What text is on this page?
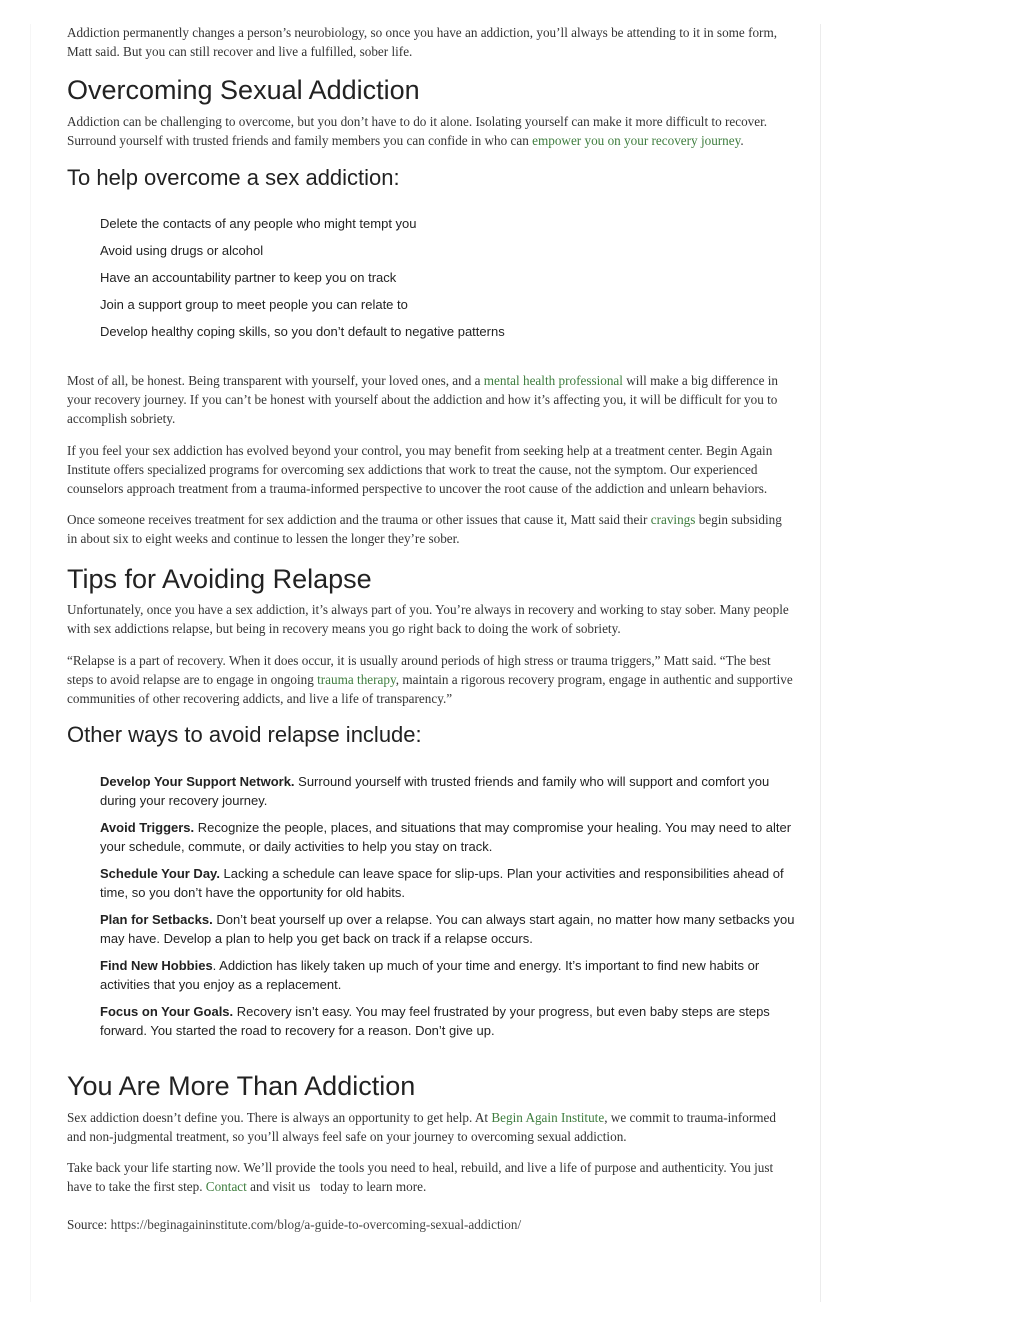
Addiction permanently changes a person’s neurobiology, so once you have an addiction, you’ll always be attending to it in some form, Matt said. But you can still recover and live a fulfilled, sober life.

Overcoming Sexual Addiction

Addiction can be challenging to overcome, but you don’t have to do it alone. Isolating yourself can make it more difficult to recover. Surround yourself with trusted friends and family members you can confide in who can empower you on your recovery journey.

To help overcome a sex addiction:
Delete the contacts of any people who might tempt you
Avoid using drugs or alcohol
Have an accountability partner to keep you on track
Join a support group to meet people you can relate to
Develop healthy coping skills, so you don’t default to negative patterns

Most of all, be honest. Being transparent with yourself, your loved ones, and a mental health professional will make a big difference in your recovery journey. If you can’t be honest with yourself about the addiction and how it’s affecting you, it will be difficult for you to accomplish sobriety.

If you feel your sex addiction has evolved beyond your control, you may benefit from seeking help at a treatment center. Begin Again Institute offers specialized programs for overcoming sex addictions that work to treat the cause, not the symptom. Our experienced counselors approach treatment from a trauma-informed perspective to uncover the root cause of the addiction and unlearn behaviors.

Once someone receives treatment for sex addiction and the trauma or other issues that cause it, Matt said their cravings begin subsiding in about six to eight weeks and continue to lessen the longer they’re sober.

Tips for Avoiding Relapse

Unfortunately, once you have a sex addiction, it’s always part of you. You’re always in recovery and working to stay sober. Many people with sex addictions relapse, but being in recovery means you go right back to doing the work of sobriety.

“Relapse is a part of recovery. When it does occur, it is usually around periods of high stress or trauma triggers,” Matt said. “The best steps to avoid relapse are to engage in ongoing trauma therapy, maintain a rigorous recovery program, engage in authentic and supportive communities of other recovering addicts, and live a life of transparency.”

Other ways to avoid relapse include:
Develop Your Support Network. Surround yourself with trusted friends and family who will support and comfort you during your recovery journey.
Avoid Triggers. Recognize the people, places, and situations that may compromise your healing. You may need to alter your schedule, commute, or daily activities to help you stay on track.
Schedule Your Day. Lacking a schedule can leave space for slip-ups. Plan your activities and responsibilities ahead of time, so you don’t have the opportunity for old habits.
Plan for Setbacks. Don’t beat yourself up over a relapse. You can always start again, no matter how many setbacks you may have. Develop a plan to help you get back on track if a relapse occurs.
Find New Hobbies. Addiction has likely taken up much of your time and energy. It’s important to find new habits or activities that you enjoy as a replacement.
Focus on Your Goals. Recovery isn’t easy. You may feel frustrated by your progress, but even baby steps are steps forward. You started the road to recovery for a reason. Don’t give up.
You Are More Than Addiction

Sex addiction doesn’t define you. There is always an opportunity to get help. At Begin Again Institute, we commit to trauma-informed and non-judgmental treatment, so you’ll always feel safe on your journey to overcoming sexual addiction.

Take back your life starting now. We’ll provide the tools you need to heal, rebuild, and live a life of purpose and authenticity. You just have to take the first step. Contact and visit us   today to learn more.

Source: https://beginagaininstitute.com/blog/a-guide-to-overcoming-sexual-addiction/
